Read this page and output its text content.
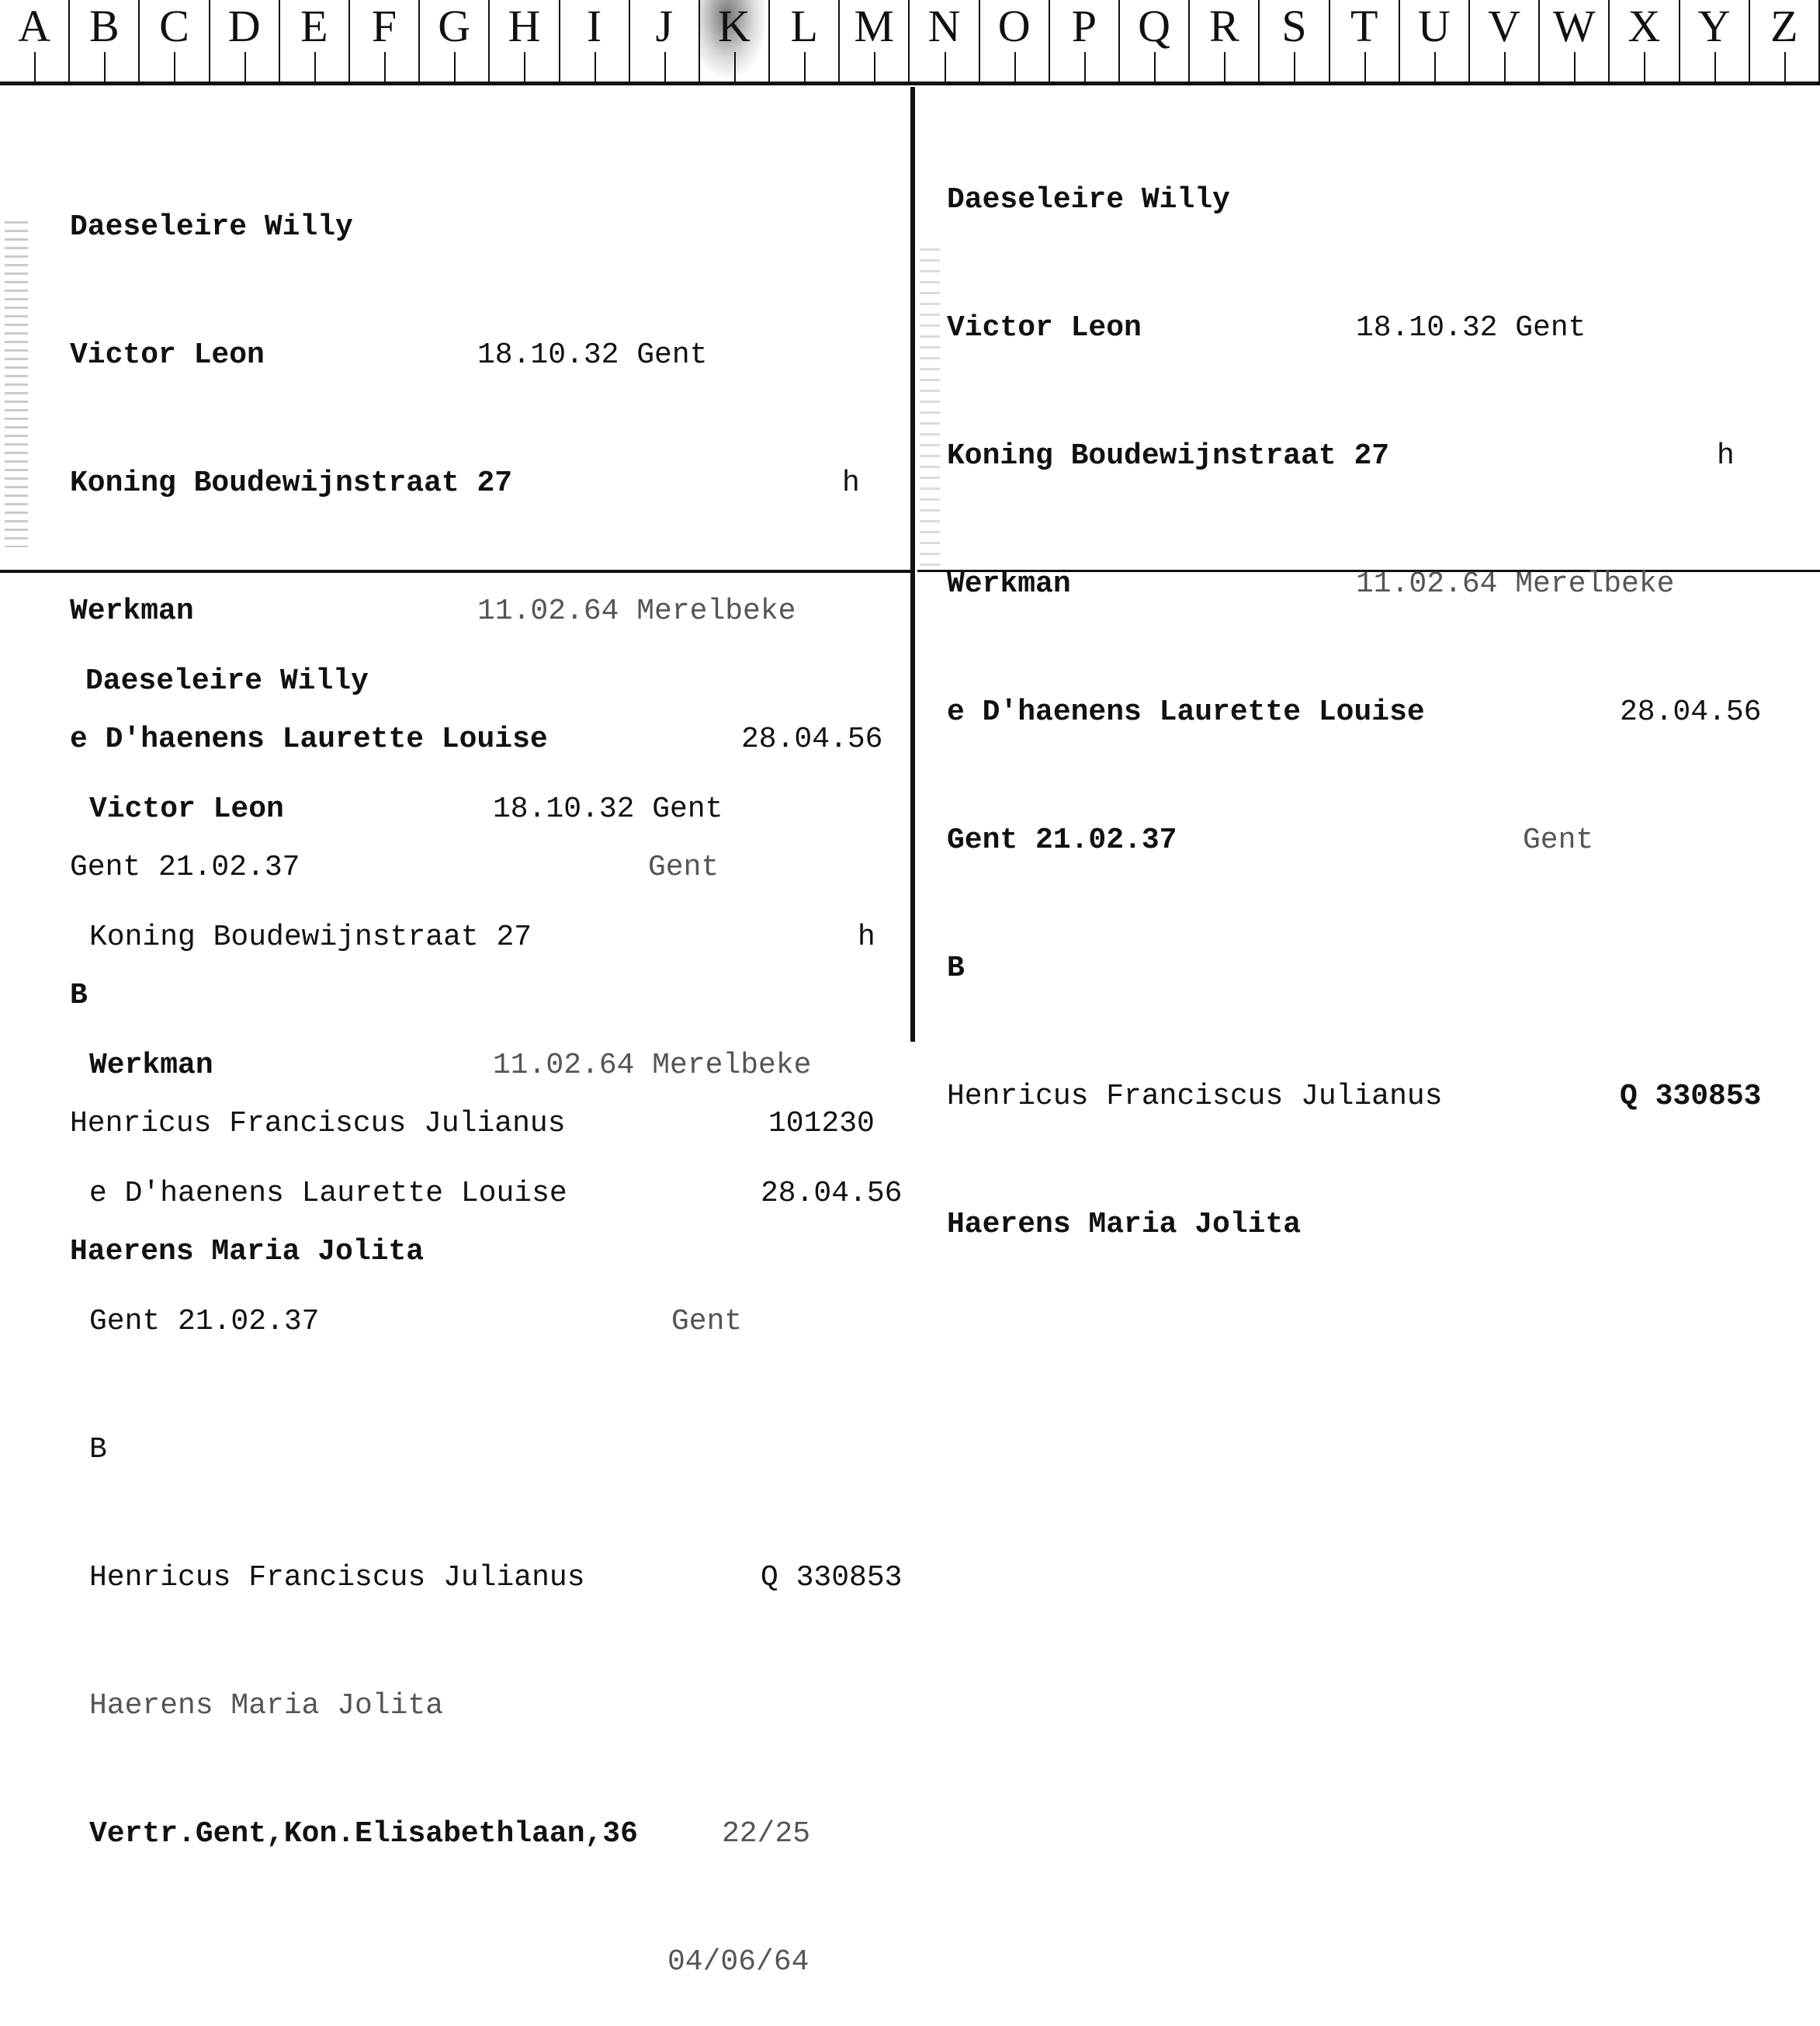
A B C D E F G H	I	J K L M N O P Q R S T U V W X Y Z

Daeseleire Willy

Victor Leon	18.10.32 Gent

Koning Boudewijnstraat 27	h

Werkman	11.02.64 Merelbeke

e D'haenens Laurette Louise	28.04.56

Gent 21.02.37	Gent

B

Henricus Franciscus Julianus	101230

Haerens Maria Jolita

Daeseleire Willy

Victor Leon	18.10.32 Gent

Koning Boudewijnstraat 27	h

Werkman	11.02.64 Merelbeke

e D'haenens Laurette Louise	28.04.56

Gent 21.02.37	Gent

B

Henricus Franciscus Julianus	Q 330853

Haerens Maria Jolita

Daeseleire Willy

Victor Leon	18.10.32 Gent

Koning Boudewijnstraat 27	h

Werkman	11.02.64 Merelbeke

e D'haenens Laurette Louise	28.04.56

Gent 21.02.37	Gent

B

Henricus Franciscus Julianus	Q 330853

Haerens Maria Jolita

Vertr.Gent,Kon.Elisabethlaan,36	22/25

04/06/64
